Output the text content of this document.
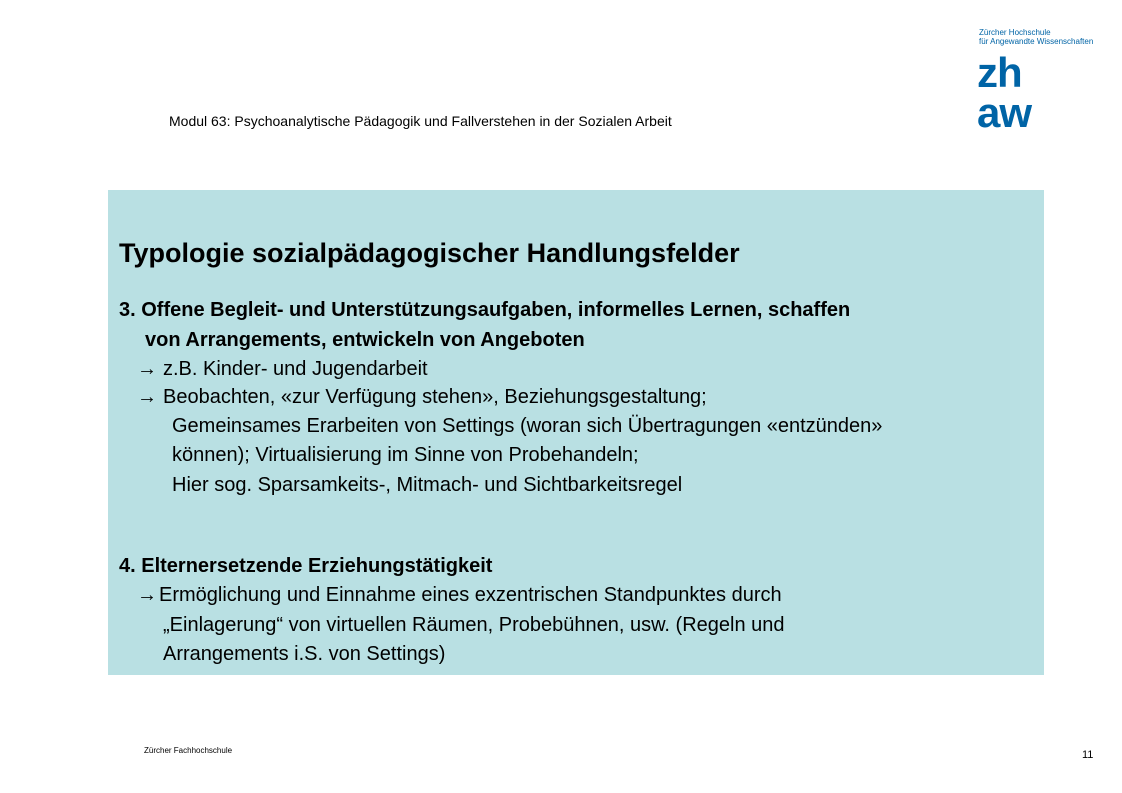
Modul 63: Psychoanalytische Pädagogik und Fallverstehen in der Sozialen Arbeit
Zürcher Hochschule
für Angewandte Wissenschaften
zh
aw
Typologie sozialpädagogischer Handlungsfelder
3. Offene Begleit- und Unterstützungsaufgaben, informelles Lernen, schaffen
von Arrangements, entwickeln von Angeboten
→ z.B. Kinder- und Jugendarbeit
→ Beobachten, «zur Verfügung stehen», Beziehungsgestaltung;
Gemeinsames Erarbeiten von Settings (woran sich Übertragungen «entzünden»
können); Virtualisierung im Sinne von Probehandeln;
Hier sog. Sparsamkeits-, Mitmach- und Sichtbarkeitsregel
4. Elternersetzende Erziehungstätigkeit
→ Ermöglichung und Einnahme eines exzentrischen Standpunktes durch
„Einlagerung“ von virtuellen Räumen, Probebühnen, usw. (Regeln und
Arrangements i.S. von Settings)
Zürcher Fachhochschule	11
